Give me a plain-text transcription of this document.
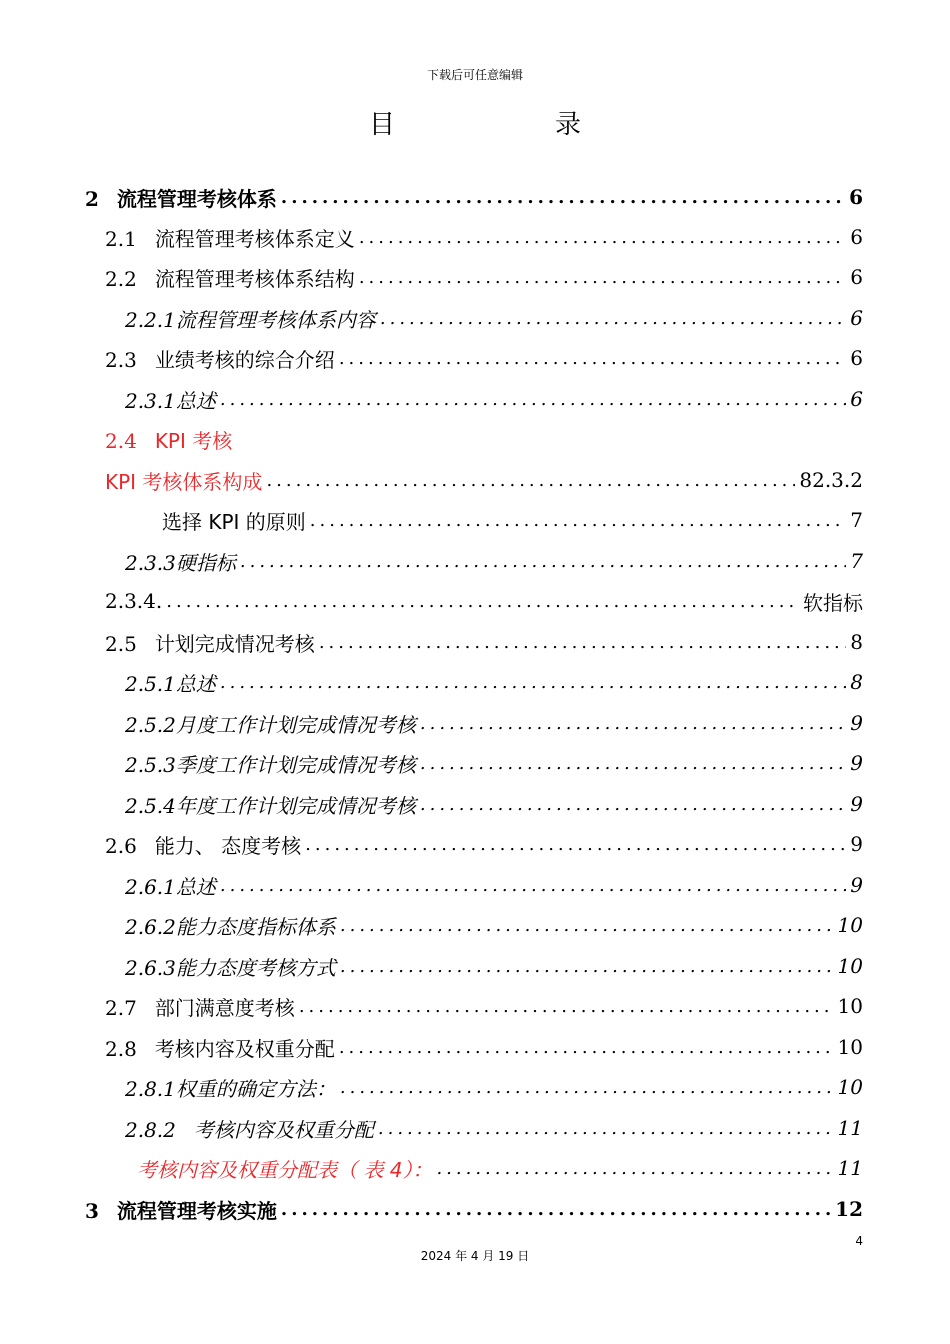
下载后可任意编辑
目录
2 流程管理考核体系 .....	6
2.1 流程管理考核体系定义 .....	6
2.2 流程管理考核体系结构 .....	6
2.2.1流程管理考核体系内容 .....	6
2.3 业绩考核的综合介绍 .....	6
2.3.1总述 .....	6
2.4 KPI 考核
KPI 考核体系构成 .....	82.3.2
选择 KPI 的原则 .....	7
2.3.3硬指标 .....	7
2.3.4. .....	软指标
2.5 计划完成情况考核 .....	8
2.5.1总述 .....	8
2.5.2月度工作计划完成情况考核 .....	9
2.5.3季度工作计划完成情况考核 .....	9
2.5.4年度工作计划完成情况考核 .....	9
2.6 能力、 态度考核 .....	9
2.6.1总述 .....	9
2.6.2能力态度指标体系 .....	10
2.6.3能力态度考核方式 .....	10
2.7 部门满意度考核 .....	10
2.8 考核内容及权重分配 .....	10
2.8.1权重的确定方法： .....	10
2.8.2 考核内容及权重分配 .....	11
考核内容及权重分配表（ 表 4）： .....	11
3 流程管理考核实施 .....	12
4
2024 年 4 月 19 日
